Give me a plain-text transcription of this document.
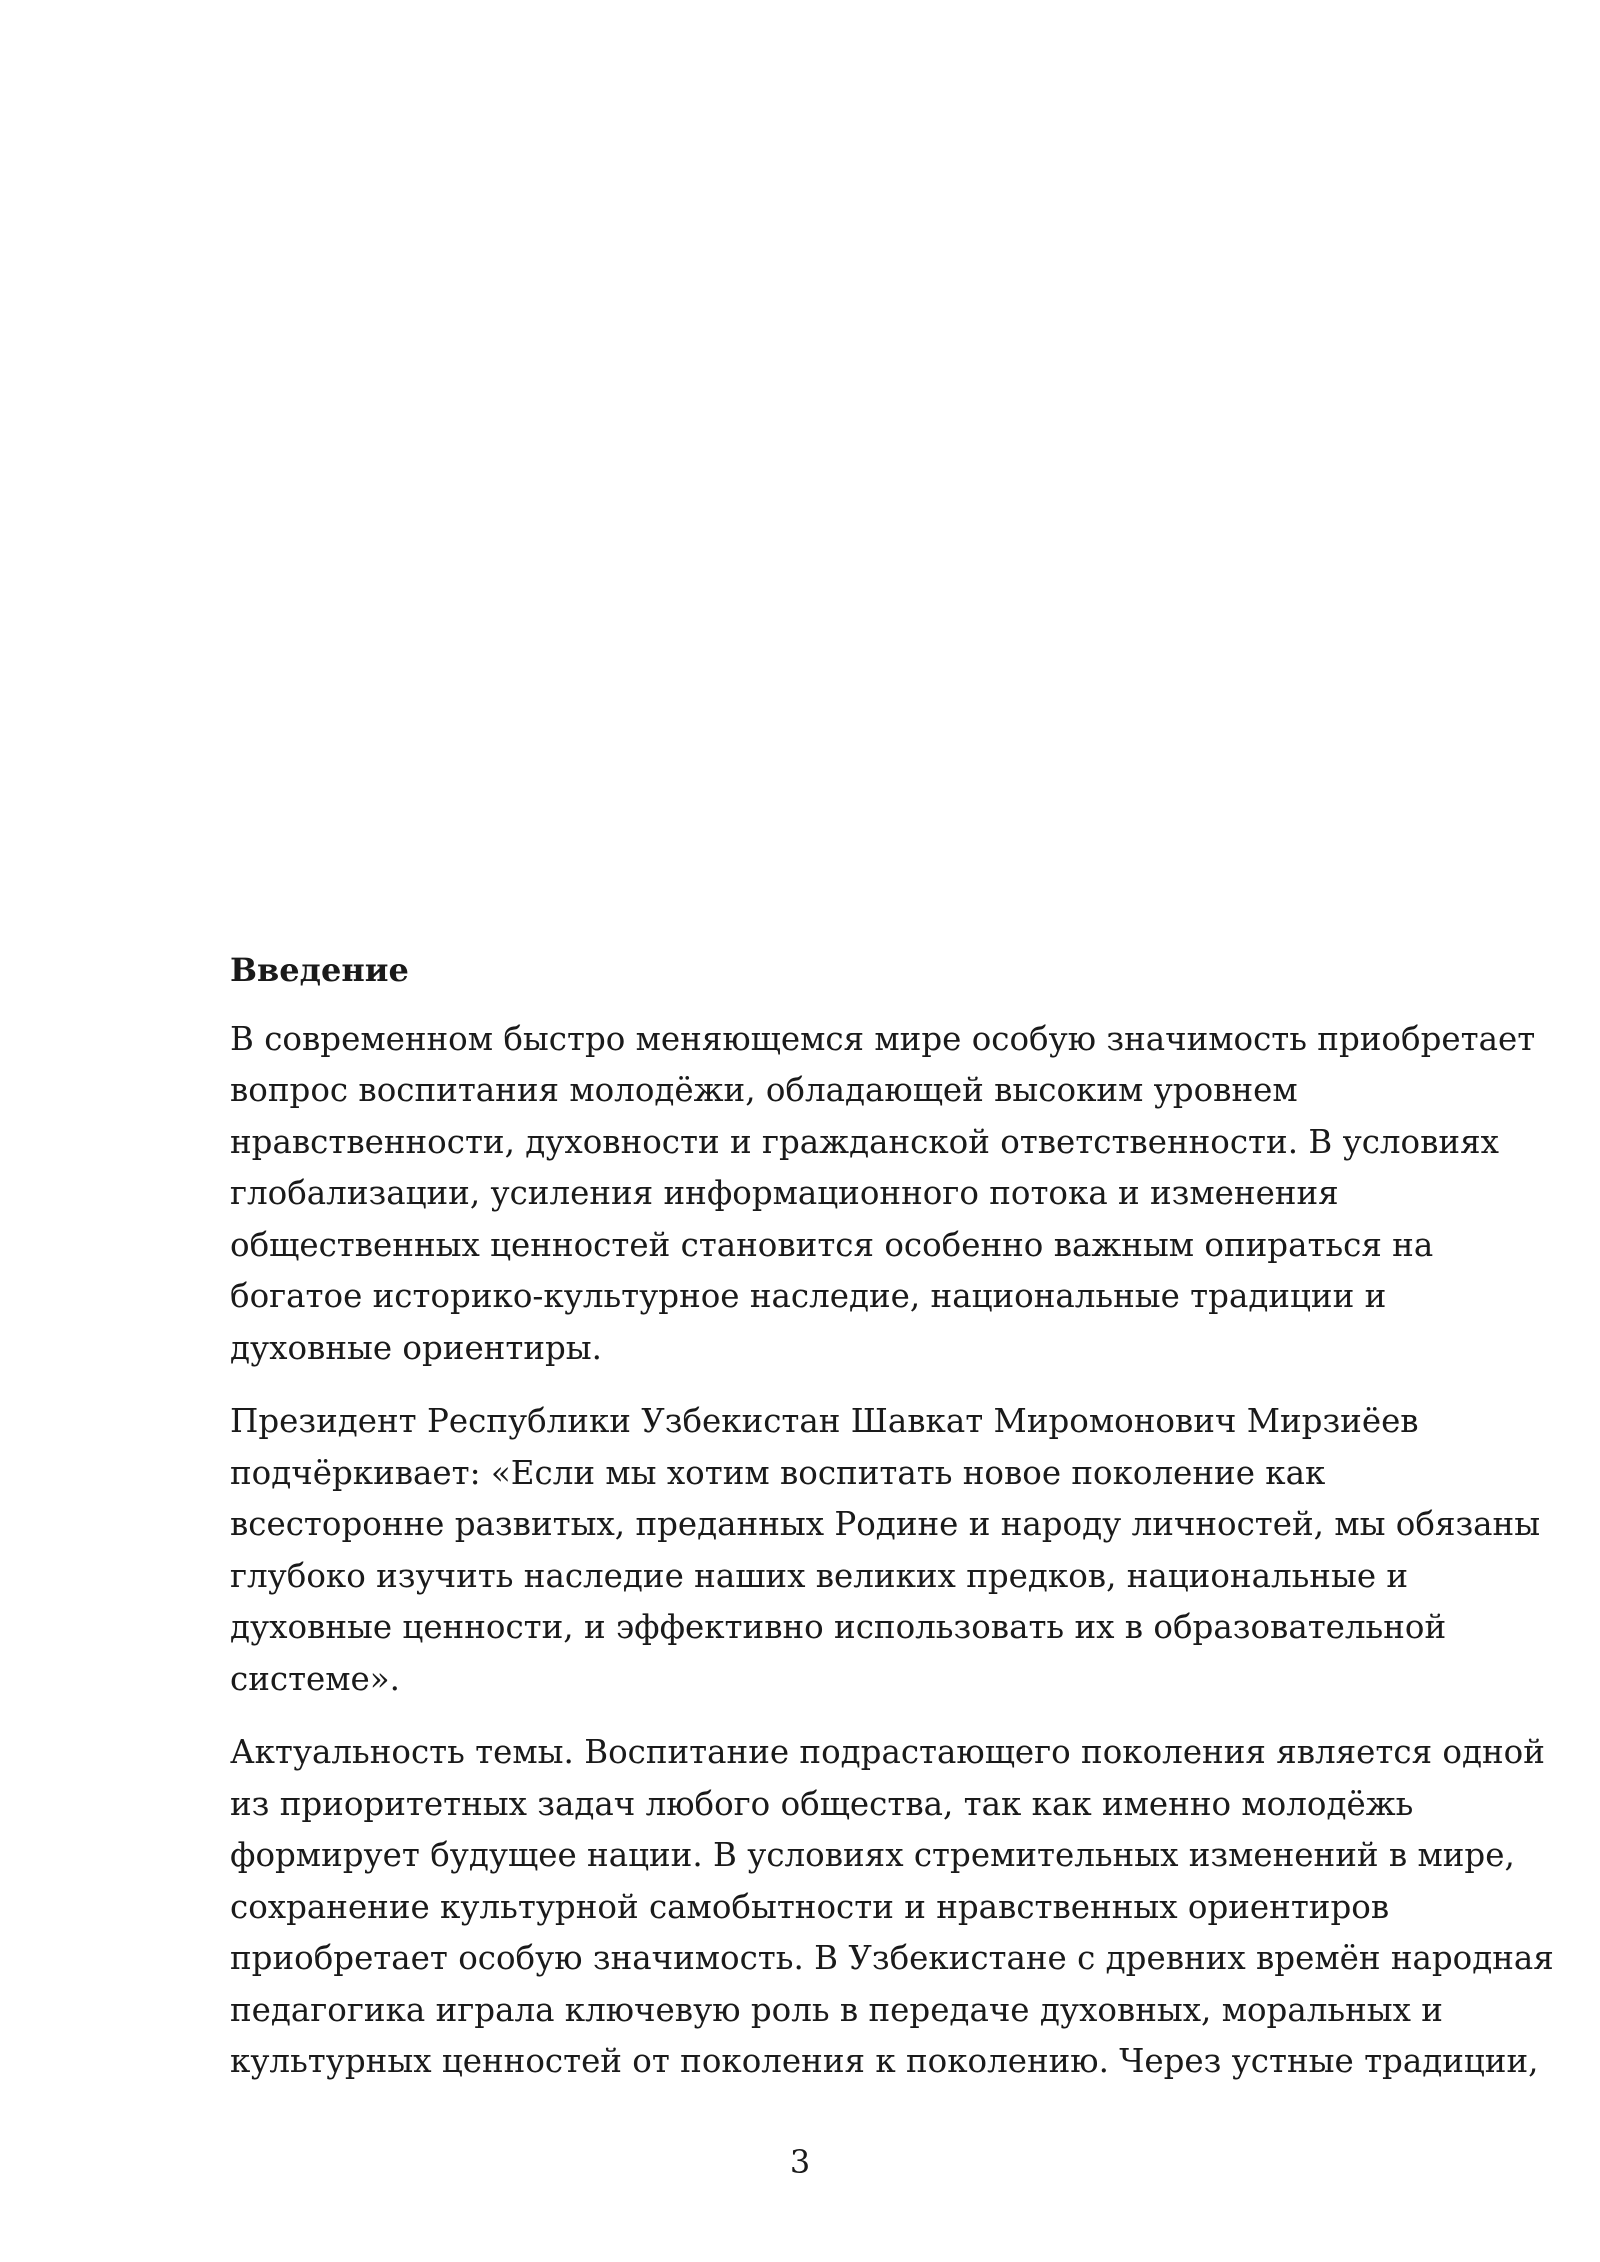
Введение

В современном быстро меняющемся мире особую значимость приобретает
вопрос воспитания молодёжи, обладающей высоким уровнем
нравственности, духовности и гражданской ответственности. В условиях
глобализации, усиления информационного потока и изменения
общественных ценностей становится особенно важным опираться на
богатое историко-культурное наследие, национальные традиции и
духовные ориентиры.

Президент Республики Узбекистан Шавкат Миромонович Мирзиёев
подчёркивает: «Если мы хотим воспитать новое поколение как
всесторонне развитых, преданных Родине и народу личностей, мы обязаны
глубоко изучить наследие наших великих предков, национальные и
духовные ценности, и эффективно использовать их в образовательной
системе».

Актуальность темы. Воспитание подрастающего поколения является одной
из приоритетных задач любого общества, так как именно молодёжь
формирует будущее нации. В условиях стремительных изменений в мире,
сохранение культурной самобытности и нравственных ориентиров
приобретает особую значимость. В Узбекистане с древних времён народная
педагогика играла ключевую роль в передаче духовных, моральных и
культурных ценностей от поколения к поколению. Через устные традиции,

3
